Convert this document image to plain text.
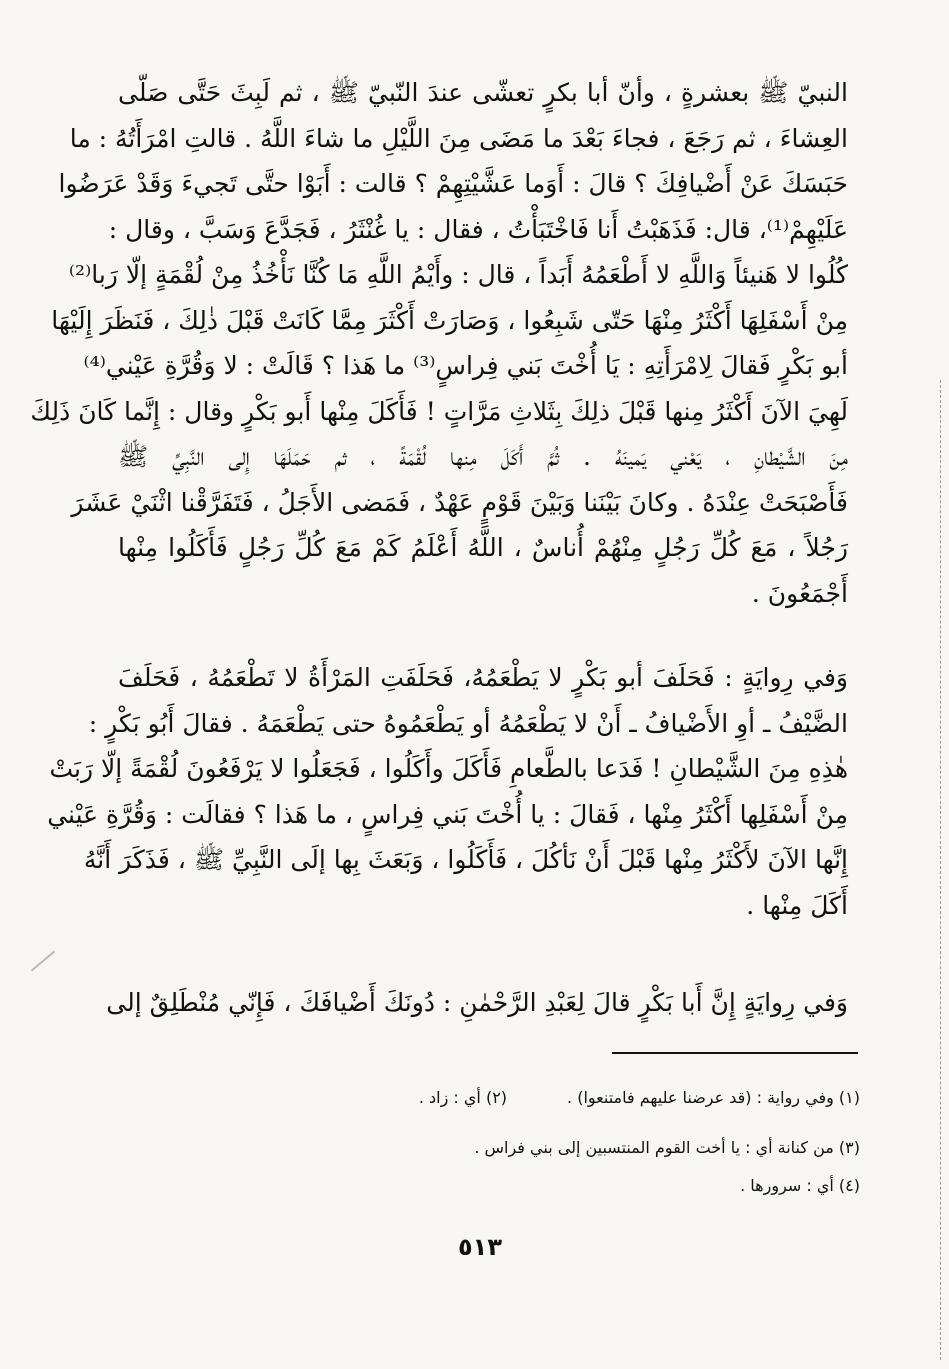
النبيّ ﷺ بعشرةٍ ، وأنّ أبا بكرٍ تعشّى عندَ النّبيّ ﷺ ، ثم لَبِثَ حَتَّى صَلّى
العِشاءَ ، ثم رَجَعَ ، فجاءَ بَعْدَ ما مَضَى مِنَ اللَّيْلِ ما شاءَ اللَّهُ . قالتِ امْرَأَتُهُ : ما
حَبَسَكَ عَنْ أَضْيافِكَ ؟ قالَ : أَوَما عَشَّيْتِهِمْ ؟ قالت : أَبَوْا حتَّى تَجيءَ وَقَدْ عَرَضُوا
عَلَيْهِمْ⁽¹⁾، قال: فَذَهَبْتُ أَنا فَاخْتَبَأْتُ ، فقال : يا غُنْثَرُ ، فَجَدَّعَ وَسَبَّ ، وقال :
كُلُوا لا هَنيئاً وَاللَّهِ لا أَطْعَمُهُ أَبَداً ، قال : وأَيْمُ اللَّهِ مَا كُنَّا نَأْخُذُ مِنْ لُقْمَةٍ إلّا رَبا⁽²⁾
مِنْ أَسْفَلِهَا أَكْثَرُ مِنْهَا حَتّى شَبِعُوا ، وَصَارَتْ أَكْثَرَ مِمَّا كَانَتْ قَبْلَ ذٰلِكَ ، فَنَظَرَ إِلَيْهَا
أبو بَكْرٍ فَقالَ لِامْرَأَتِهِ : يَا أُخْتَ بَني فِراسٍ⁽³⁾ ما هَذا ؟ قَالَتْ : لا وَقُرَّةِ عَيْني⁽⁴⁾
لَهِيَ الآنَ أَكْثَرُ مِنها قَبْلَ ذلِكَ بِثَلاثِ مَرَّاتٍ ! فَأَكَلَ مِنْها أَبو بَكْرٍ وقال : إِنَّما كَانَ ذَلِكَ
مِنَ الشَّيْطانِ ، يَعْني يَمينَهُ . ثُمَّ أَكَلَ مِنها لُقْمَةً ، ثم حَمَلَهَا إِلى النَّبِيِّ ﷺ
فَأَصْبَحَتْ عِنْدَهُ . وكانَ بَيْنَنا وَبَيْنَ قَوْمٍ عَهْدٌ ، فَمَضى الأَجَلُ ، فَتَفَرَّقْنا اثْنَيْ عَشَرَ
رَجُلاً ، مَعَ كُلِّ رَجُلٍ مِنْهُمْ أُناسٌ ، اللَّهُ أَعْلَمُ كَمْ مَعَ كُلِّ رَجُلٍ فَأَكَلُوا مِنْها
أَجْمَعُونَ .
وَفي رِوايَةٍ : فَحَلَفَ أبو بَكْرٍ لا يَطْعَمُهُ، فَحَلَفَتِ المَرْأَةُ لا تَطْعَمُهُ ، فَحَلَفَ
الضَّيْفُ ـ أوِ الأَضْيافُ ـ أَنْ لا يَطْعَمُهُ أو يَطْعَمُوهُ حتى يَطْعَمَهُ . فقالَ أَبُو بَكْرٍ :
هٰذِهِ مِنَ الشَّيْطانِ ! فَدَعا بالطَّعامِ فَأَكَلَ وأَكَلُوا ، فَجَعَلُوا لا يَرْفَعُونَ لُقْمَةً إلّا رَبَتْ
مِنْ أَسْفَلِها أَكْثَرُ مِنْها ، فَقالَ : يا أُخْتَ بَني فِراسٍ ، ما هَذا ؟ فقالَت : وَقُرَّةِ عَيْني
إِنَّها الآنَ لأَكْثَرُ مِنْها قَبْلَ أَنْ نَأكُلَ ، فَأَكَلُوا ، وَبَعَثَ بِها إلَى النَّبِيِّ ﷺ ، فَذَكَرَ أَنَّهُ
أَكَلَ مِنْها .
وَفي رِوايَةٍ إِنَّ أَبا بَكْرٍ قالَ لِعَبْدِ الرَّحْمٰنِ : دُونَكَ أَضْيافَكَ ، فَإِنّي مُنْطَلِقٌ إلى
(١) وفي رواية : (قد عرضنا عليهم فامتنعوا) .
(٢) أي : زاد .
(٣) من كنانة أي : يا أخت القوم المنتسبين إلى بني فراس .
(٤) أي : سرورها .
٥١٣
